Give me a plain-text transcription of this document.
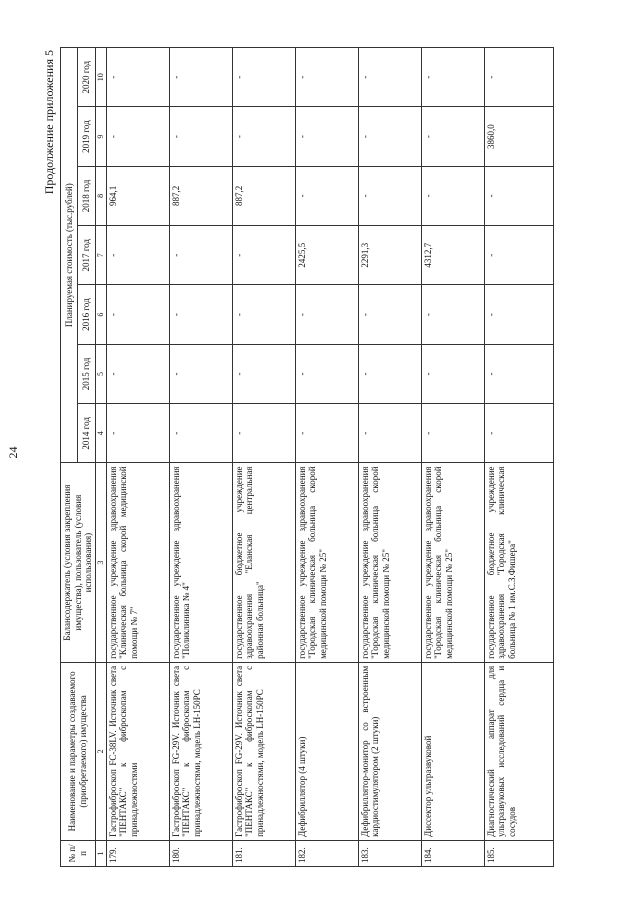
24
Продолжение приложения 5
№ п/п	Наименование и параметры создаваемого (приобретаемого) имущества	Балансодержатель (условия закрепления имущества), пользователь (условия использования)	Планируемая стоимость (тыс.рублей)						
			2014 год	2015 год	2016 год	2017 год	2018 год	2019 год	2020 год
1	2	3	4	5	6	7	8	9	10
179.	Гастрофиброскоп FC-38LV. Источник света "ПЕНТАКС" к фиброскопам с принадлежностями	государственное учреждение здравоохранения "Клиническая больница скорой медицинской помощи № 7"	-	-	-	-	964,1	-	-
180.	Гастрофиброскоп FG-29V. Источник света "ПЕНТАКС" к фиброскопам с принадлежностями, модель LH-150PC	государственное учреждение здравоохранения "Поликлиника № 4"	-	-	-	-	887,2	-	-
181.	Гастрофиброскоп FG-29V. Источник света "ПЕНТАКС" к фиброскопам с принадлежностями, модель LH-150PC	государственное бюджетное учреждение здравоохранения "Еланская центральная районная больница"	-	-	-	-	887,2	-	-
182.	Дефибриллятор (4 штуки)	государственное учреждение здравоохранения "Городская клиническая больница скорой медицинской помощи № 25"	-	-	-	2425,5	-	-	-
183.	Дефибриллятор-монитор со встроенным кардиостимулятором (2 штуки)	государственное учреждение здравоохранения "Городская клиническая больница скорой медицинской помощи № 25"	-	-	-	2291,3	-	-	-
184.	Диссектор ультразвуковой	государственное учреждение здравоохранения "Городская клиническая больница скорой медицинской помощи № 25"	-	-	-	4312,7	-	-	-
185.	Диагностический аппарат для ультразвуковых исследований сердца и сосудов	государственное бюджетное учреждение здравоохранения "Городская клиническая больница № 1 им.С.З.Фишера"	-	-	-	-	-	3860,0	-
